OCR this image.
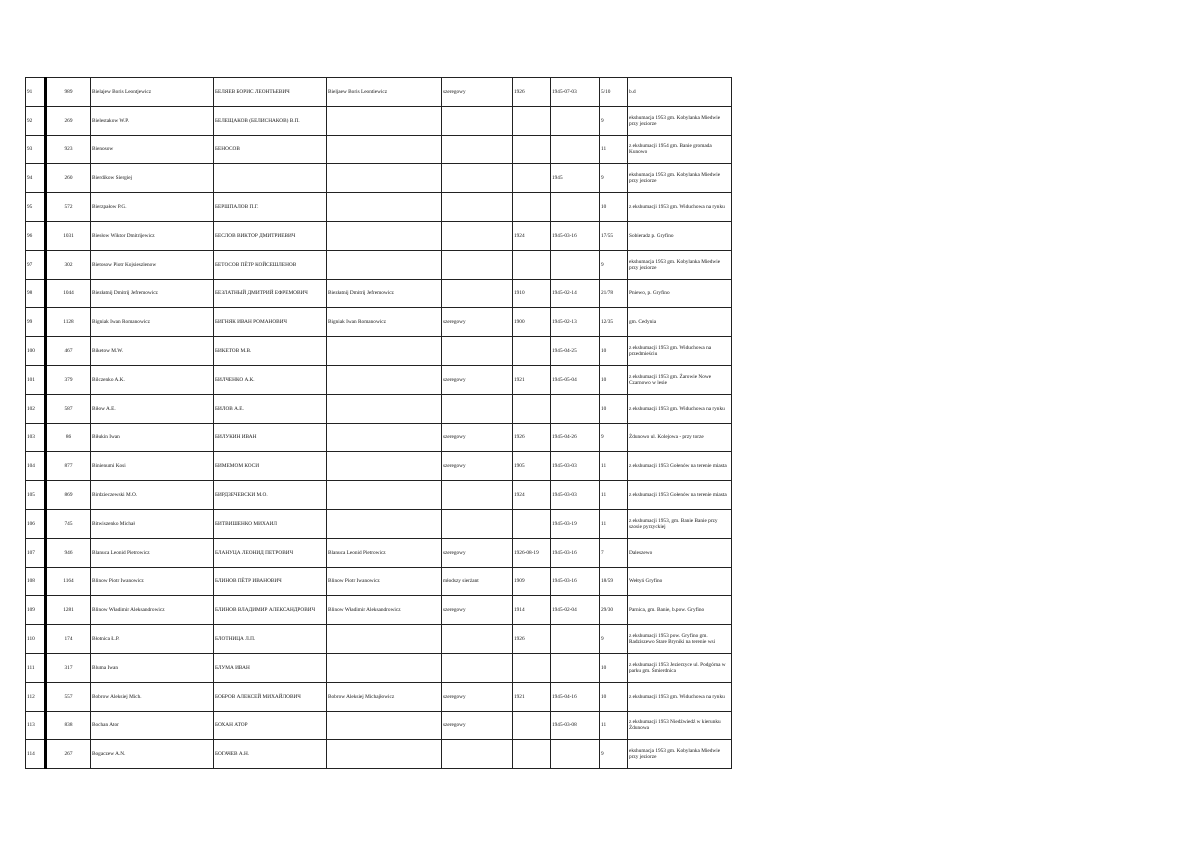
91	989	Bielajew Boris Leontjewicz	БЕЛЯЕВ БОРИС ЛЕОНТЬЕВИЧ	Bieljaew Boris Leontiewicz	szeregowy	1926	1945-07-03	5/10	b.d
92	269	Bielestakow W.P.	БЕЛЕЩАКОВ (БЕЛИСНАКОВ) В.П.					9	ekshumacja 1953 gm. Kobylanka Miedwie przy jeziorze
93	923	Bienosow	БЕНОСОВ					11	z ekshumacji 1954 gm. Banie gromada Kunowo
94	260	Bierdikow Siergiej					1945	9	ekshumacja 1953 gm. Kobylanka Miedwie przy jeziorze
95	572	Bierzpałow P.G.	БЕРШПАЛОВ П.Г.					10	z ekshumacji 1953 gm. Widuchowa na rynku
96	1031	Biesłow Wiktor Dmitrijewicz	БЕСЛОВ ВИКТОР ДМИТРИЕВИЧ			1924	1945-03-16	17/55	Sobieradz p. Gryfino
97	302	Bietosow Piotr Kojsieszlenow	БЕТОСОВ ПЁТР КОЙСЕШЛЕНОВ					9	ekshumacja 1953 gm. Kobylanka Miedwie przy jeziorze
98	1044	Biezłatnij Dmitrij Jefremowicz	БЕЗЛАТНЫЙ ДМИТРИЙ ЕФРЕМОВИЧ	Biezłatnij Dmitrij Jefremowicz		1910	1945-02-14	21/78	Pniewo, p. Gryfino
99	1128	Bigniak Iwan Romanowicz	БИГНЯК ИВАН РОМАНОВИЧ	Bigniak Iwan Romanowicz	szeregowy	1900	1945-02-13	12/35	gm. Cedynia
100	467	Biketow M.W.	БИКЕТОВ М.В.				1945-04-25	10	z ekshumacji 1953 gm. Widuchowa na przedmieściu
101	379	Bilczenko A.K.	БИЛЧЕНКО А.К.		szeregowy	1921	1945-05-04	10	z ekshumacji 1953 gm. Żarowie Nowe Czarnowo w lesie
102	587	Biłow A.E.	БИЛОВ А.Е.					10	z ekshumacji 1953 gm. Widuchowa na rynku
103	86	Biłukin Iwan	БИЛУКИН ИВАН		szeregowy	1926	1945-04-26	9	Żdunowo ul. Kolejowa - przy torze
104	877	Binienumi Kosi	БИМЕМОМ КОСИ		szeregowy	1905	1945-03-03	11	z ekshumacji 1953 Gołenów na terenie miasta
105	869	Birdzieczewski M.O.	БИРДЗЕЧЕВСКИ М.О.			1924	1945-03-03	11	z ekshumacji 1953 Gołenów na terenie miasta
106	745	Bitwiszenko Michał	БИТВИШЕНКО МИХАИЛ				1945-03-19	11	z ekshumacji 1953, gm. Banie Banie przy szosie pyrzyckiej
107	946	Blanuca Leonid Pietrowicz	БЛАНУЦА ЛЕОНИД ПЕТРОВИЧ	Blanuca Leonid Pietrowicz	szeregowy	1926-08-19	1945-03-16	7	Daleszewo
108	1164	Blinow Piotr Iwanowicz	БЛИНОВ ПЁТР ИВАНОВИЧ	Blinow Piotr Iwanowicz	młodszy sierżant	1909	1945-03-16	18/59	Wełtyń Gryfino
109	1281	Blinow Władimir Aleksandrowicz	БЛИНОВ ВЛАДИМИР АЛЕКСАНДРОВИЧ	Blinow Władimir Aleksandrowicz	szeregowy	1914	1945-02-04	29/30	Parnica, gm. Banie, b.pow. Gryfino
110	174	Błotnica Ł.P.	БЛОТНИЦА Л.П.			1926		9	z ekshumacji 1953 pow. Gryfino gm. Radziszewo Stare Bryniki na terenie wsi
111	317	Bluma Iwan	БЛУМА ИВАН					10	z ekshumacji 1953 Jezierzyce ul. Podgórna w parku gm. Śmierdnica
112	557	Bobrow Aleksiej Mich.	БОБРОВ АЛЕКСЕЙ МИХАЙЛОВИЧ	Bobrow Aleksiej Michajłowicz	szeregowy	1921	1945-04-16	10	z ekshumacji 1953 gm. Widuchowa na rynku
113	838	Bochan Ator	БОХАН АТОР		szeregowy		1945-03-08	11	z ekshumacji 1953 Niedźwiedź w kierunku Żdunowa
114	267	Bogaczew A.N.	БОГАЧЕВ А.Н.					9	ekshumacja 1953 gm. Kobylanka Miedwie przy jeziorze
